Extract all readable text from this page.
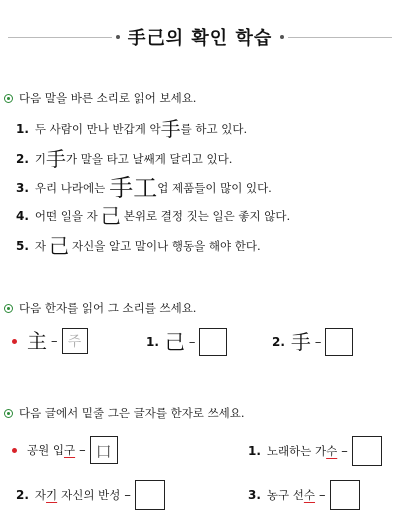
手己의 확인 학습
다음 말을 바른 소리로 읽어 보세요.
1. 두 사람이 만나 반갑게 악 手 를 하고 있다.
2. 기 手 가 말을 타고 날쌔게 달리고 있다.
3. 우리 나라에는 手工 업 제품들이 많이 있다.
4. 어떤 일을 자 己 본위로 결정 짓는 일은 좋지 않다.
5. 자 己 자신을 알고 말이나 행동을 해야 한다.
다음 한자를 읽어 그 소리를 쓰세요.
主 – 주	1. 己 –	2. 手 –
다음 글에서 밑줄 그은 글자를 한자로 쓰세요.
공원 입 구 – 口	1. 노래하는 가 수 –
2. 자 기 자신의 반성 –	3. 농구 선 수 –
